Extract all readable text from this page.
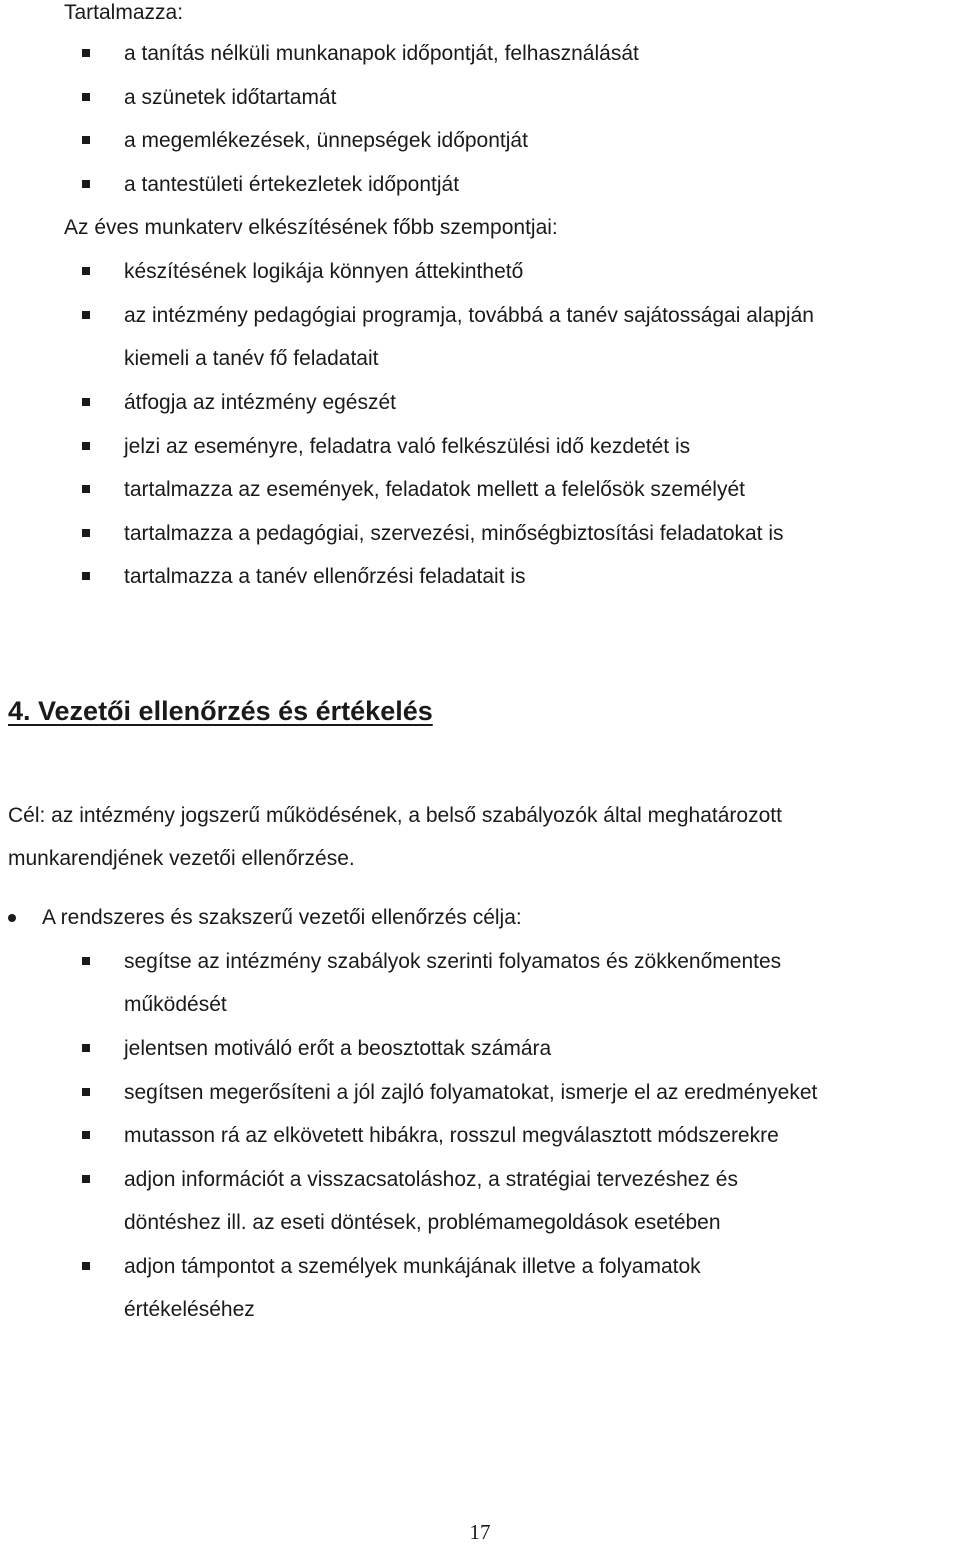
Tartalmazza:
a tanítás nélküli munkanapok időpontját, felhasználását
a szünetek időtartamát
a megemlékezések, ünnepségek időpontját
a tantestületi értekezletek időpontját
Az éves munkaterv elkészítésének főbb szempontjai:
készítésének logikája könnyen áttekinthető
az intézmény pedagógiai programja, továbbá a tanév sajátosságai alapján
kiemeli a tanév fő feladatait
átfogja az intézmény egészét
jelzi az eseményre, feladatra való felkészülési idő kezdetét is
tartalmazza az események, feladatok mellett a felelősök személyét
tartalmazza a pedagógiai, szervezési, minőségbiztosítási feladatokat is
tartalmazza a tanév ellenőrzési feladatait is
4. Vezetői ellenőrzés és értékelés
Cél: az intézmény jogszerű működésének, a belső szabályozók által meghatározott
munkarendjének vezetői ellenőrzése.
A rendszeres és szakszerű vezetői ellenőrzés célja:
segítse az intézmény szabályok szerinti folyamatos és zökkenőmentes
működését
jelentsen motiváló erőt a beosztottak számára
segítsen megerősíteni a jól zajló folyamatokat, ismerje el az eredményeket
mutasson rá az elkövetett hibákra, rosszul megválasztott módszerekre
adjon információt a visszacsatoláshoz, a stratégiai tervezéshez és
döntéshez ill. az eseti döntések, problémamegoldások esetében
adjon támpontot a személyek munkájának illetve a folyamatok
értékeléséhez
17
